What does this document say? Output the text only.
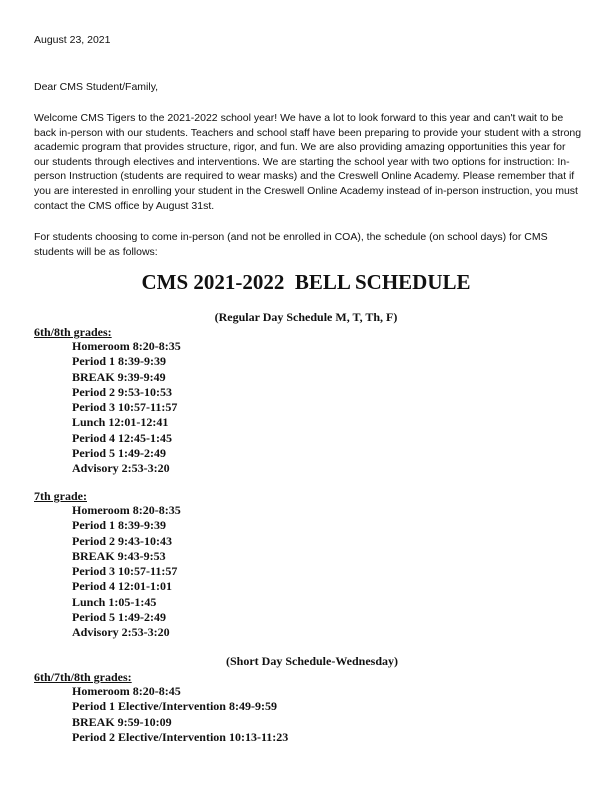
August 23, 2021
Dear CMS Student/Family,
Welcome CMS Tigers to the 2021-2022 school year! We have a lot to look forward to this year and can't wait to be back in-person with our students. Teachers and school staff have been preparing to provide your student with a strong academic program that provides structure, rigor, and fun. We are also providing amazing opportunities this year for our students through electives and interventions. We are starting the school year with two options for instruction: In-person Instruction (students are required to wear masks) and the Creswell Online Academy. Please remember that if you are interested in enrolling your student in the Creswell Online Academy instead of in-person instruction, you must contact the CMS office by August 31st.
For students choosing to come in-person (and not be enrolled in COA), the schedule (on school days) for CMS students will be as follows:
CMS 2021-2022  BELL SCHEDULE
(Regular Day Schedule M, T, Th, F)
6th/8th grades:
Homeroom 8:20-8:35
Period 1 8:39-9:39
BREAK 9:39-9:49
Period 2 9:53-10:53
Period 3 10:57-11:57
Lunch 12:01-12:41
Period 4 12:45-1:45
Period 5 1:49-2:49
Advisory 2:53-3:20
7th grade:
Homeroom 8:20-8:35
Period 1 8:39-9:39
Period 2 9:43-10:43
BREAK 9:43-9:53
Period 3 10:57-11:57
Period 4 12:01-1:01
Lunch 1:05-1:45
Period 5 1:49-2:49
Advisory 2:53-3:20
(Short Day Schedule-Wednesday)
6th/7th/8th grades:
Homeroom 8:20-8:45
Period 1 Elective/Intervention 8:49-9:59
BREAK 9:59-10:09
Period 2 Elective/Intervention 10:13-11:23
